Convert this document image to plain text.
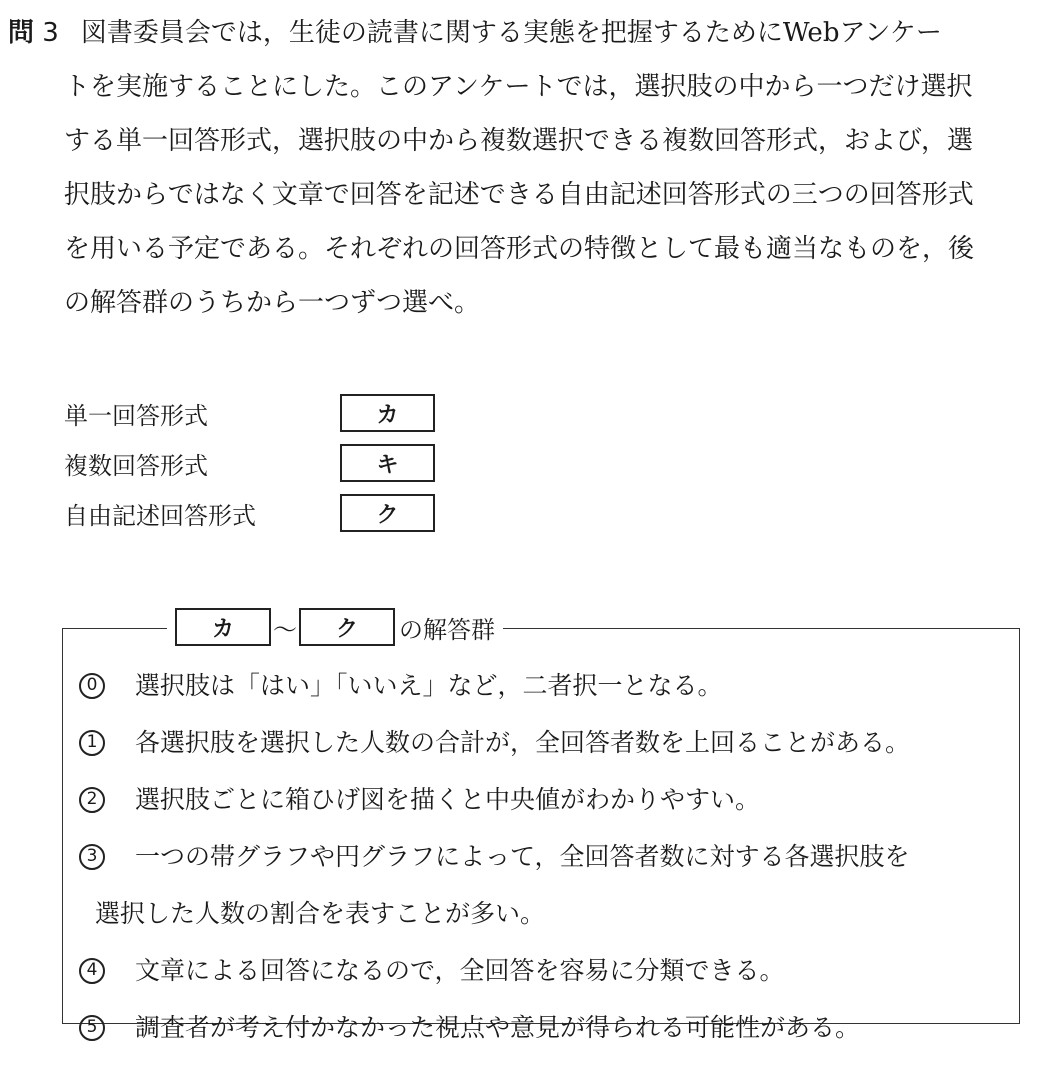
問 3 図書委員会では，生徒の読書に関する実態を把握するためにWebアンケー
トを実施することにした。このアンケートでは，選択肢の中から一つだけ選択
する単一回答形式，選択肢の中から複数選択できる複数回答形式，および，選
択肢からではなく文章で回答を記述できる自由記述回答形式の三つの回答形式
を用いる予定である。それぞれの回答形式の特徴として最も適当なものを，後
の解答群のうちから一つずつ選べ。
単一回答形式	カ
複数回答形式	キ
自由記述回答形式	ク
カ	～	ク	の解答群
0	選択肢は「はい」「いいえ」など，二者択一となる。
1	各選択肢を選択した人数の合計が，全回答者数を上回ることがある。
2	選択肢ごとに箱ひげ図を描くと中央値がわかりやすい。
3	一つの帯グラフや円グラフによって，全回答者数に対する各選択肢を
選択した人数の割合を表すことが多い。
4	文章による回答になるので，全回答を容易に分類できる。
5	調査者が考え付かなかった視点や意見が得られる可能性がある。
